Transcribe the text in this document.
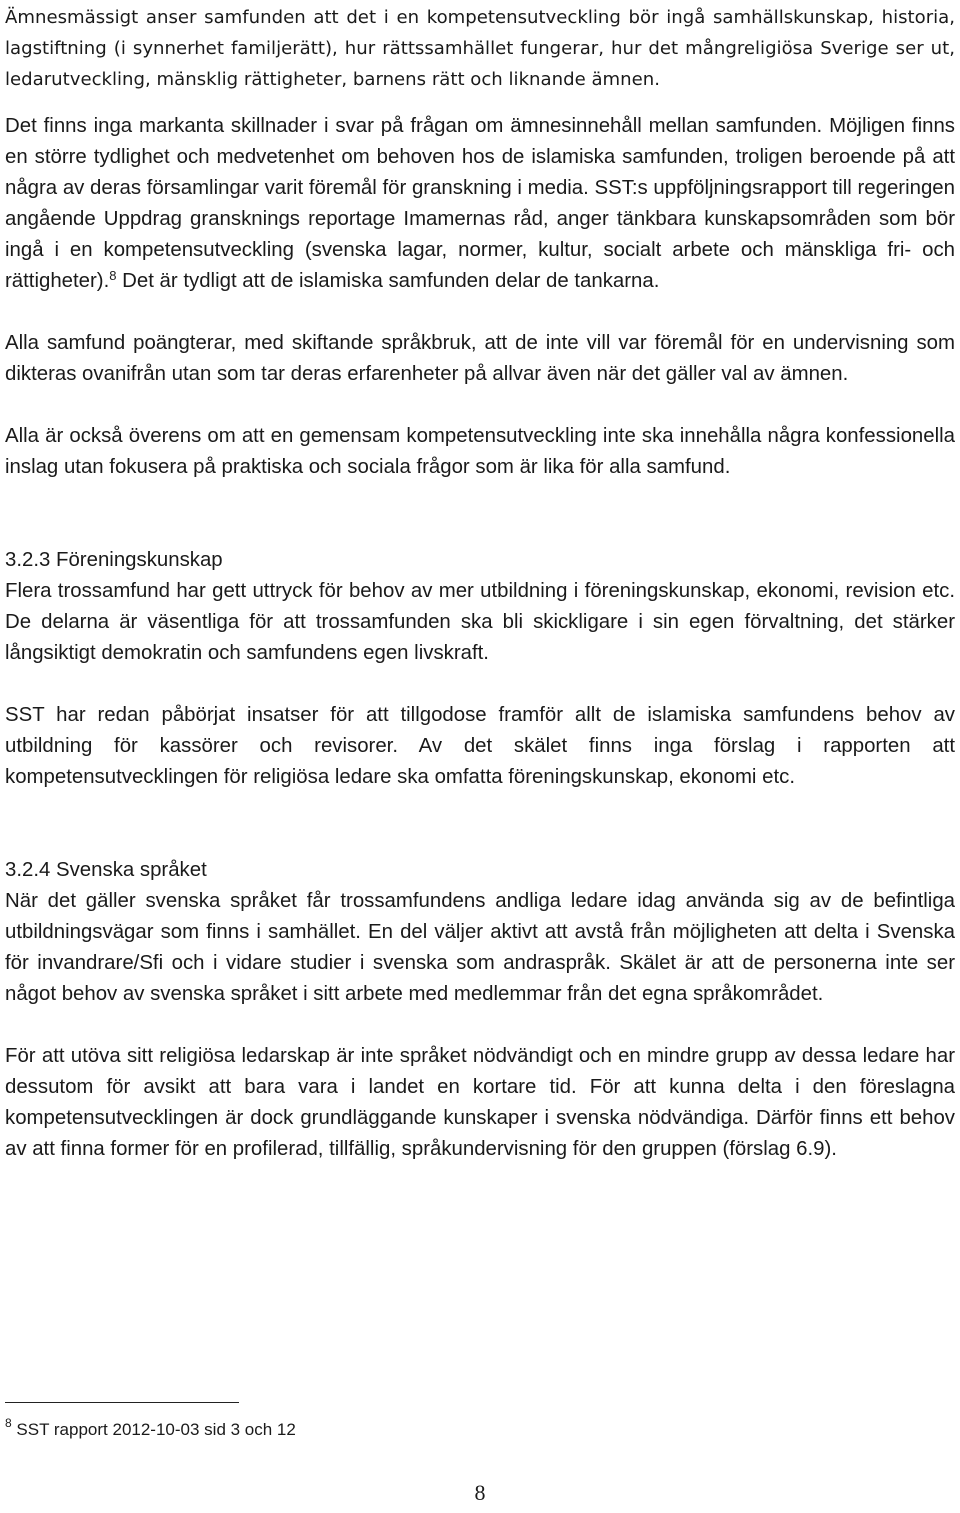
Ämnesmässigt anser samfunden att det i en kompetensutveckling bör ingå samhällskunskap, historia, lagstiftning (i synnerhet familjerätt), hur rättssamhället fungerar, hur det mångreligiösa Sverige ser ut, ledarutveckling, mänsklig rättigheter, barnens rätt och liknande ämnen.

Det finns inga markanta skillnader i svar på frågan om ämnesinnehåll mellan samfunden. Möjligen finns en större tydlighet och medvetenhet om behoven hos de islamiska samfunden, troligen beroende på att några av deras församlingar varit föremål för granskning i media. SST:s uppföljningsrapport till regeringen angående Uppdrag gransknings reportage Imamernas råd, anger tänkbara kunskapsområden som bör ingå i en kompetensutveckling (svenska lagar, normer, kultur, socialt arbete och mänskliga fri- och rättigheter).$^8$ Det är tydligt att de islamiska samfunden delar de tankarna.

Alla samfund poängterar, med skiftande språkbruk, att de inte vill var föremål för en undervisning som dikteras ovanifrån utan som tar deras erfarenheter på allvar även när det gäller val av ämnen.

Alla är också överens om att en gemensam kompetensutveckling inte ska innehålla några konfessionella inslag utan fokusera på praktiska och sociala frågor som är lika för alla samfund.

3.2.3 Föreningskunskap

Flera trossamfund har gett uttryck för behov av mer utbildning i föreningskunskap, ekonomi, revision etc. De delarna är väsentliga för att trossamfunden ska bli skickligare i sin egen förvaltning, det stärker långsiktigt demokratin och samfundens egen livskraft.

SST har redan påbörjat insatser för att tillgodose framför allt de islamiska samfundens behov av utbildning för kassörer och revisorer. Av det skälet finns inga förslag i rapporten att kompetensutvecklingen för religiösa ledare ska omfatta föreningskunskap, ekonomi etc.

3.2.4 Svenska språket

När det gäller svenska språket får trossamfundens andliga ledare idag använda sig av de befintliga utbildningsvägar som finns i samhället. En del väljer aktivt att avstå från möjligheten att delta i Svenska för invandrare/Sfi och i vidare studier i svenska som andraspråk. Skälet är att de personerna inte ser något behov av svenska språket i sitt arbete med medlemmar från det egna språkområdet.

För att utöva sitt religiösa ledarskap är inte språket nödvändigt och en mindre grupp av dessa ledare har dessutom för avsikt att bara vara i landet en kortare tid. För att kunna delta i den föreslagna kompetensutvecklingen är dock grundläggande kunskaper i svenska nödvändiga. Därför finns ett behov av att finna former för en profilerad, tillfällig, språkundervisning för den gruppen (förslag 6.9).

$^8$ SST rapport 2012-10-03 sid 3 och 12

8
